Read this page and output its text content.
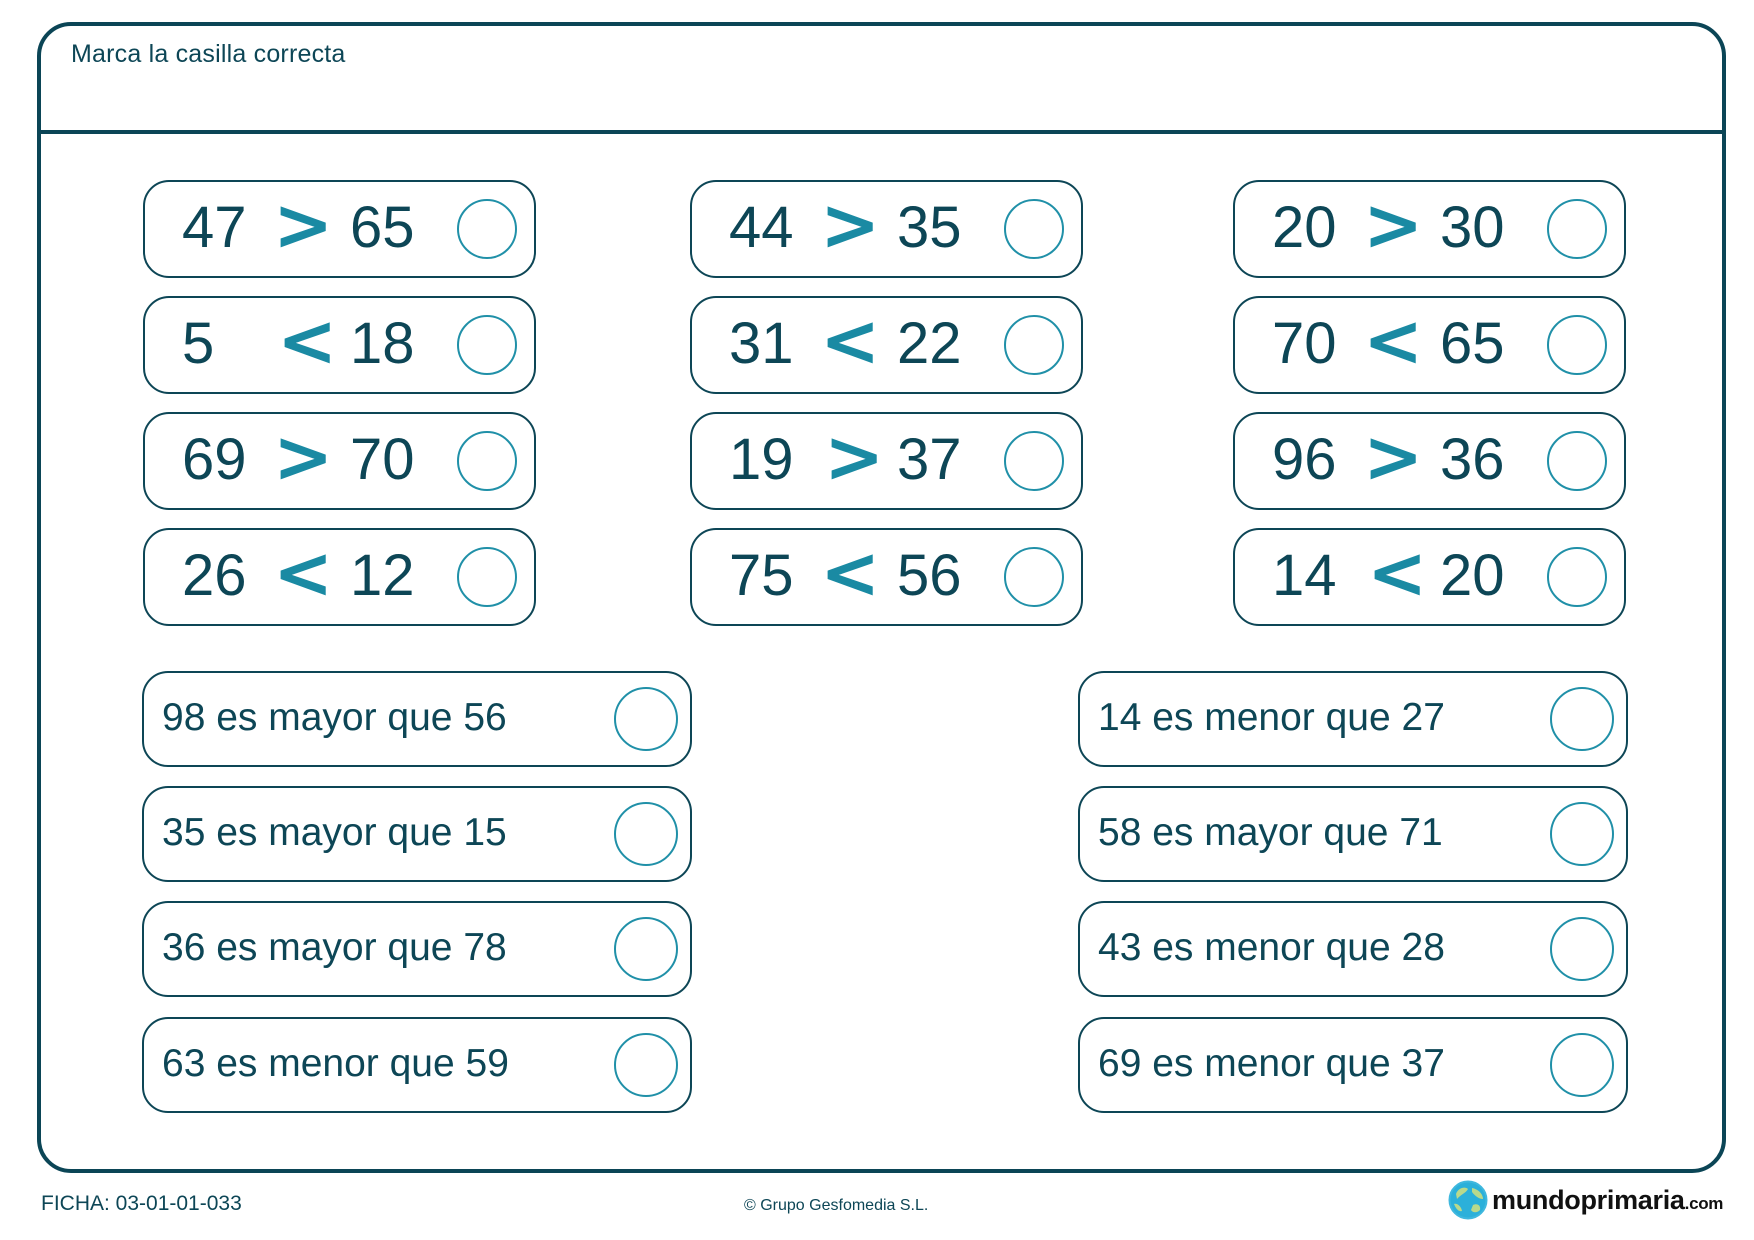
Marca la casilla correcta
47 > 65
5 < 18
69 > 70
26 < 12
44 > 35
31 < 22
19 > 37
75 < 56
20 > 30
70 < 65
96 > 36
14 < 20
98 es mayor que 56
35 es mayor que 15
36 es mayor que 78
63 es menor que 59
14 es menor que 27
58 es mayor que 71
43 es menor que 28
69 es menor que 37
FICHA: 03-01-01-033	© Grupo Gesfomedia S.L.	mundoprimaria.com
